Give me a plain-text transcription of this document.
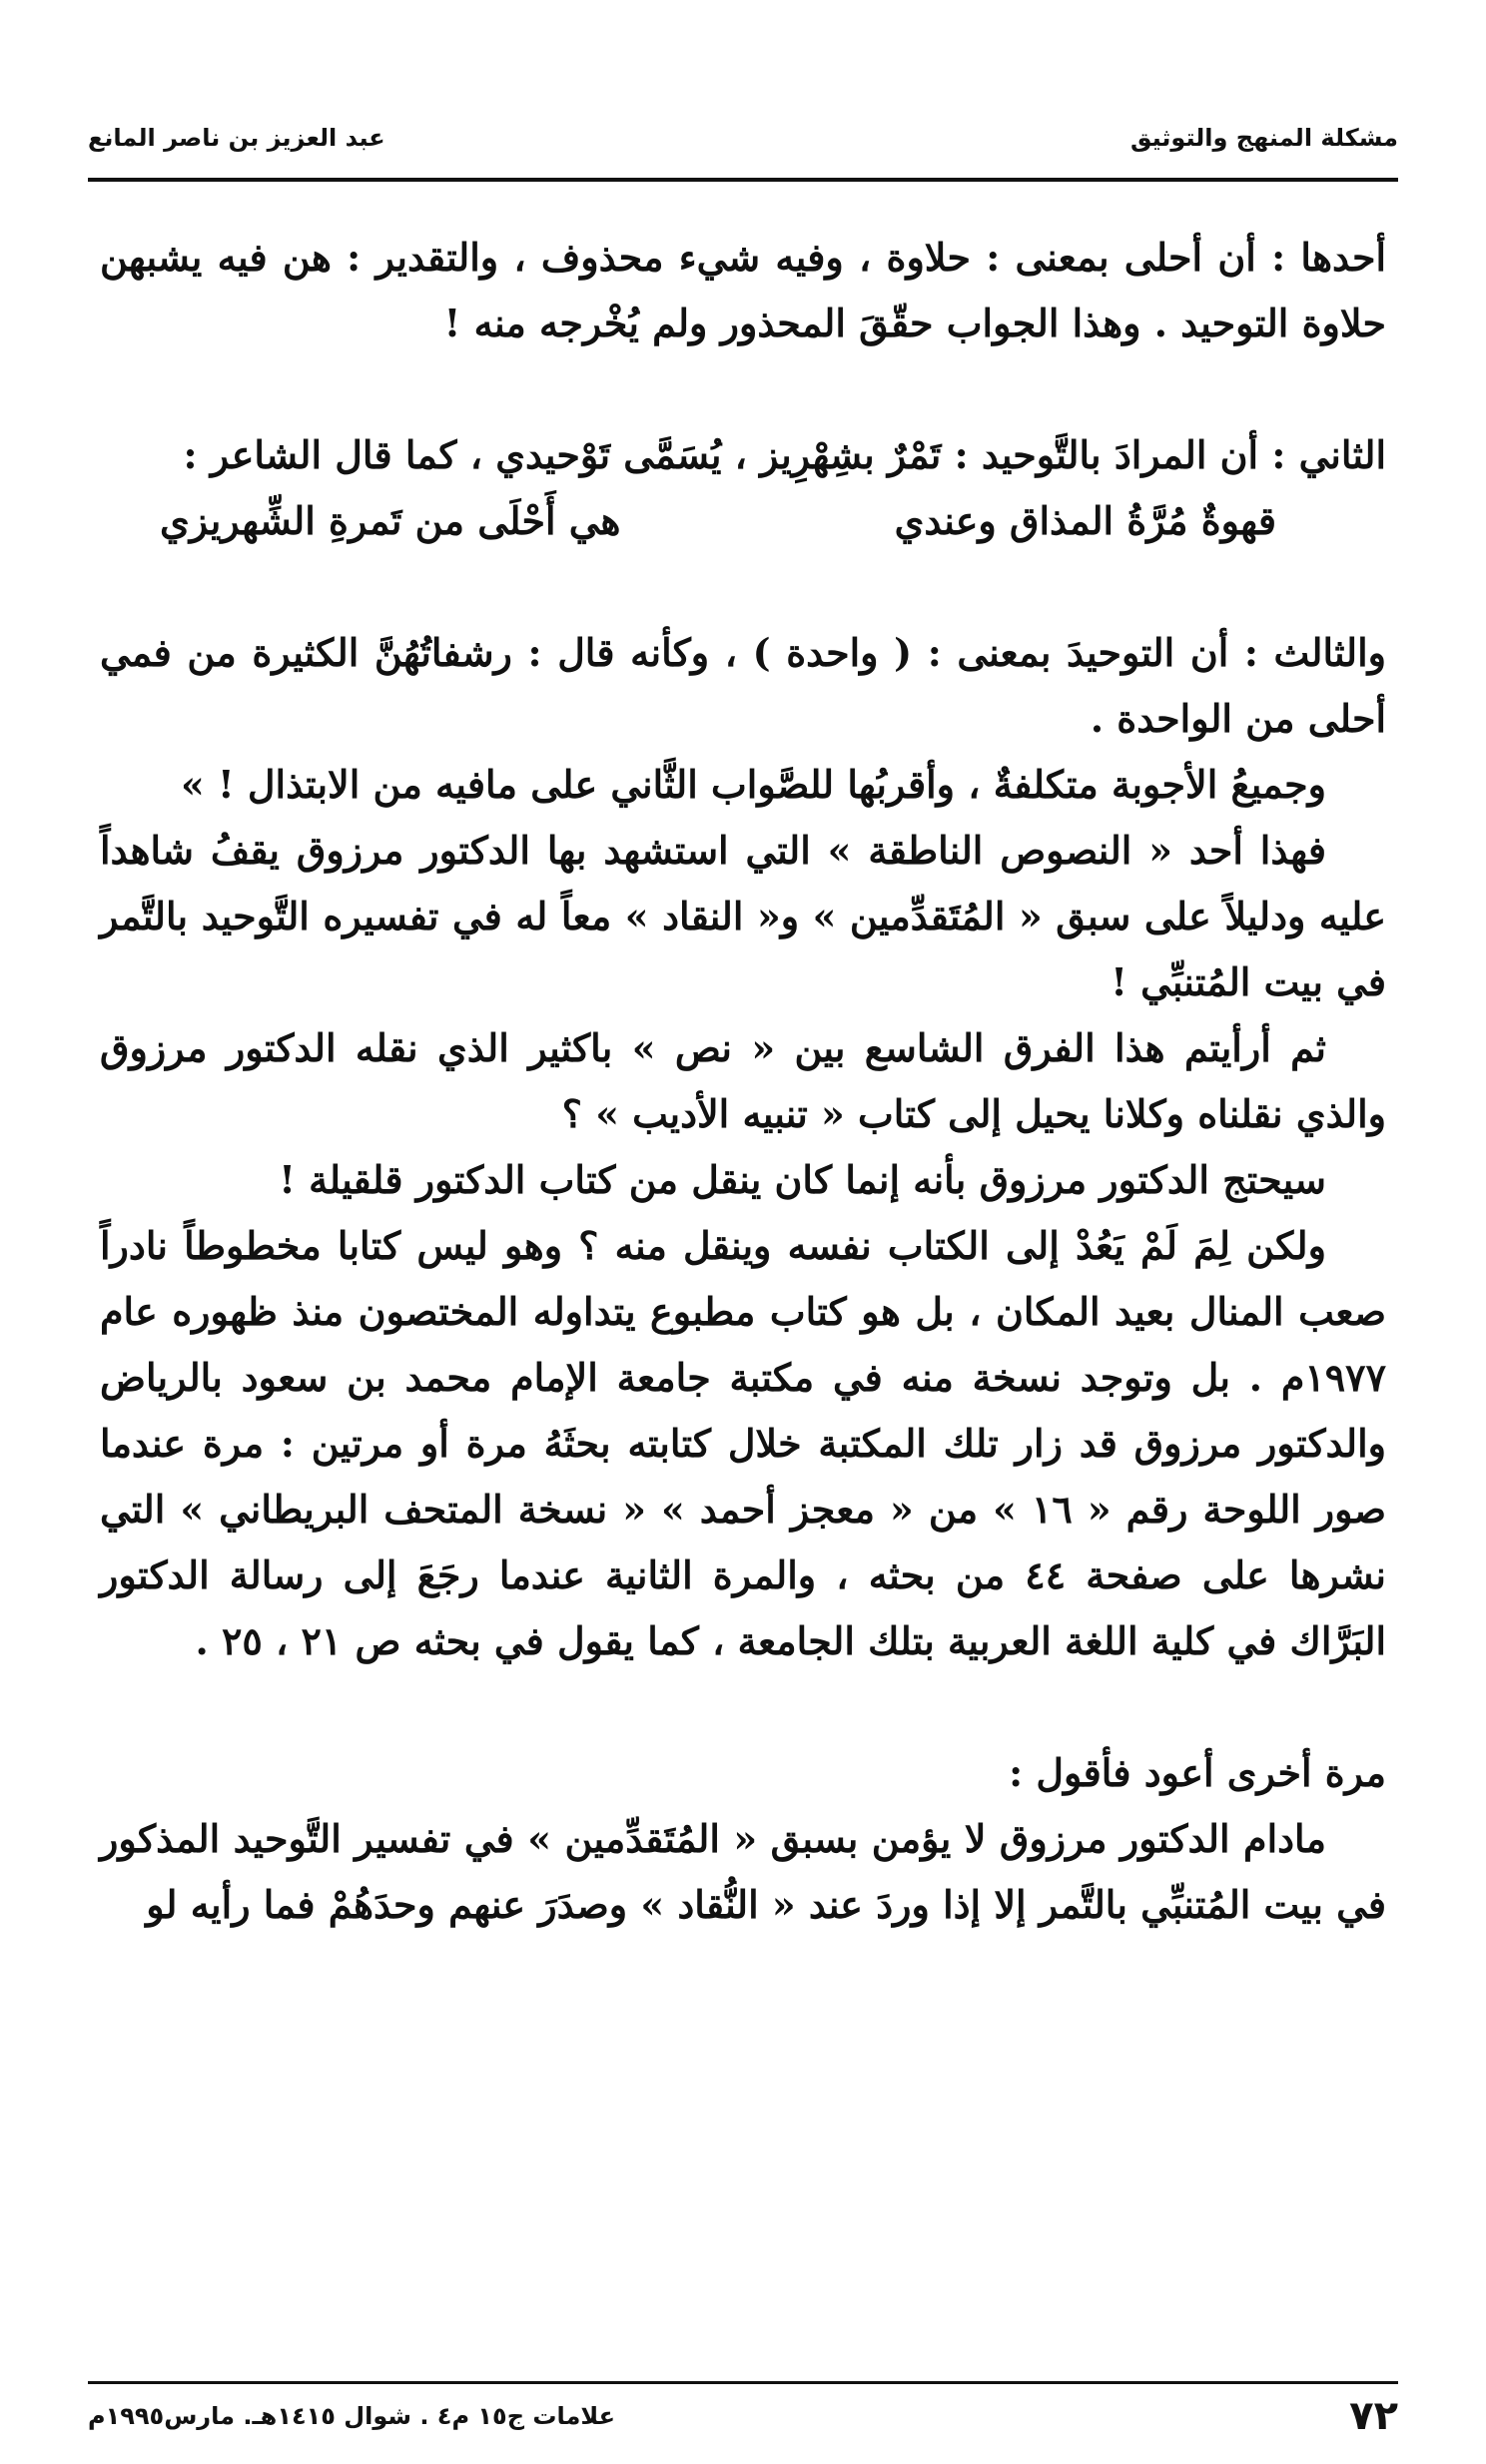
عبد العزيز بن ناصر المانع	مشكلة المنهج والتوثيق

أحدها : أن أحلى بمعنى : حلاوة ، وفيه شيء محذوف ، والتقدير : هن فيه يشبهن حلاوة التوحيد . وهذا الجواب حقّقَ المحذور ولم يُخْرجه منه !

الثاني : أن المرادَ بالتَّوحيد : تَمْرٌ بشِهْرِيز ، يُسَمَّى تَوْحيدي ، كما قال الشاعر :

قهوةٌ مُرَّةُ المذاق وعندي
هي أَحْلَى من تَمرةِ الشِّهريزي

والثالث : أن التوحيدَ بمعنى : ( واحدة ) ، وكأنه قال : رشفاتُهُنَّ الكثيرة من فمي أحلى من الواحدة .

وجميعُ الأجوبة متكلفةٌ ، وأقربُها للصَّواب الثَّاني على مافيه من الابتذال ! »

فهذا أحد « النصوص الناطقة » التي استشهد بها الدكتور مرزوق يقفُ شاهداً عليه ودليلاً على سبق « المُتَقدِّمين » و« النقاد » معاً له في تفسيره التَّوحيد بالتَّمر في بيت المُتنبِّي !

ثم أرأيتم هذا الفرق الشاسع بين « نص » باكثير الذي نقله الدكتور مرزوق والذي نقلناه وكلانا يحيل إلى كتاب « تنبيه الأديب » ؟

سيحتج الدكتور مرزوق بأنه إنما كان ينقل من كتاب الدكتور قلقيلة !

ولكن لِمَ لَمْ يَعُدْ إلى الكتاب نفسه وينقل منه ؟ وهو ليس كتابا مخطوطاً نادراً صعب المنال بعيد المكان ، بل هو كتاب مطبوع يتداوله المختصون منذ ظهوره عام ١٩٧٧م . بل وتوجد نسخة منه في مكتبة جامعة الإمام محمد بن سعود بالرياض والدكتور مرزوق قد زار تلك المكتبة خلال كتابته بحثَهُ مرة أو مرتين : مرة عندما صور اللوحة رقم « ١٦ » من « معجز أحمد » « نسخة المتحف البريطاني » التي نشرها على صفحة ٤٤ من بحثه ، والمرة الثانية عندما رجَعَ إلى رسالة الدكتور البَرَّاك في كلية اللغة العربية بتلك الجامعة ، كما يقول في بحثه ص ٢١ ، ٢٥ .

مرة أخرى أعود فأقول :

مادام الدكتور مرزوق لا يؤمن بسبق « المُتَقدِّمين » في تفسير التَّوحيد المذكور في بيت المُتنبِّي بالتَّمر إلا إذا وردَ عند « النُّقاد » وصدَرَ عنهم وحدَهُمْ فما رأيه لو

علامات ج١٥ م٤ . شوال ١٤١٥هـ. مارس١٩٩٥م	٧٢
